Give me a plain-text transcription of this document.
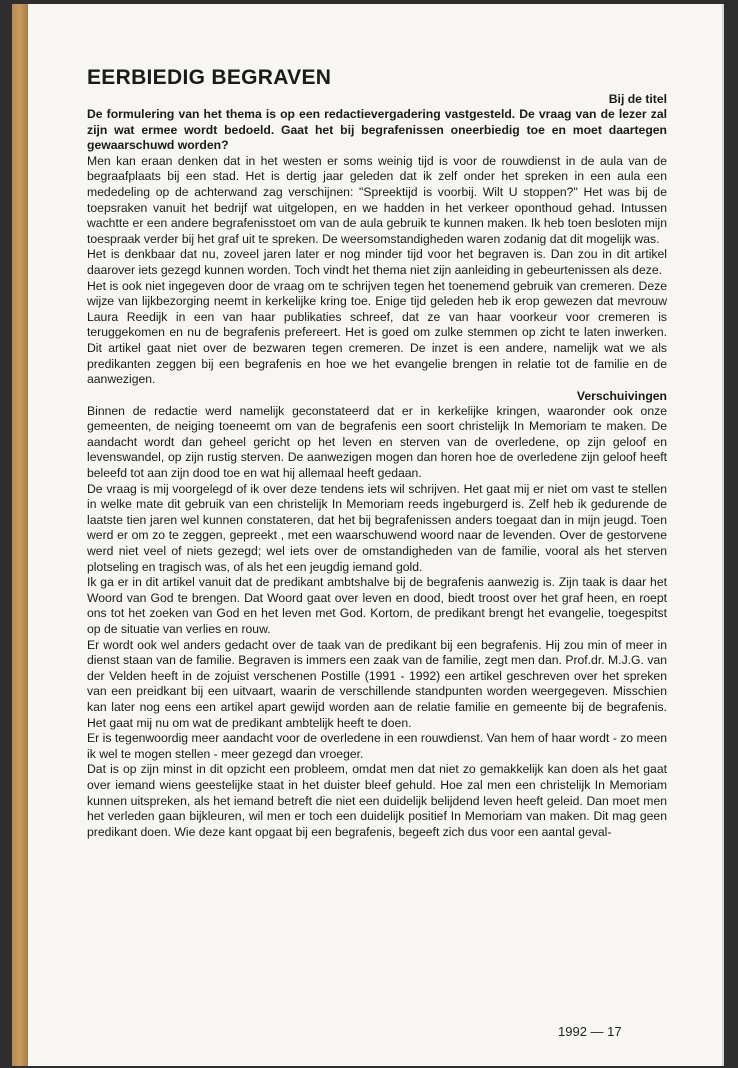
EERBIEDIG BEGRAVEN
Bij de titel

De formulering van het thema is op een redactievergadering vastgesteld. De vraag van de lezer zal zijn wat ermee wordt bedoeld. Gaat het bij begrafenissen oneerbiedig toe en moet daartegen gewaarschuwd worden?

Men kan eraan denken dat in het westen er soms weinig tijd is voor de rouwdienst in de aula van de begraafplaats bij een stad. Het is dertig jaar geleden dat ik zelf onder het spreken in een aula een mededeling op de achterwand zag verschijnen: "Spreektijd is voorbij. Wilt U stoppen?" Het was bij de toepsraken vanuit het bedrijf wat uitgelopen, en we hadden in het verkeer oponthoud gehad. Intussen wachtte er een andere begrafenisstoet om van de aula gebruik te kunnen maken. Ik heb toen besloten mijn toespraak verder bij het graf uit te spreken. De weersomstandigheden waren zodanig dat dit mogelijk was.

Het is denkbaar dat nu, zoveel jaren later er nog minder tijd voor het begraven is. Dan zou in dit artikel daarover iets gezegd kunnen worden. Toch vindt het thema niet zijn aanleiding in gebeurtenissen als deze.

Het is ook niet ingegeven door de vraag om te schrijven tegen het toenemend gebruik van cremeren. Deze wijze van lijkbezorging neemt in kerkelijke kring toe. Enige tijd geleden heb ik erop gewezen dat mevrouw Laura Reedijk in een van haar publikaties schreef, dat ze van haar voorkeur voor cremeren is teruggekomen en nu de begrafenis prefereert. Het is goed om zulke stemmen op zicht te laten inwerken. Dit artikel gaat niet over de bezwaren tegen cremeren. De inzet is een andere, namelijk wat we als predikanten zeggen bij een begrafenis en hoe we het evangelie brengen in relatie tot de familie en de aanwezigen.

Verschuivingen

Binnen de redactie werd namelijk geconstateerd dat er in kerkelijke kringen, waaronder ook onze gemeenten, de neiging toeneemt om van de begrafenis een soort christelijk In Memoriam te maken. De aandacht wordt dan geheel gericht op het leven en sterven van de overledene, op zijn geloof en levenswandel, op zijn rustig sterven. De aanwezigen mogen dan horen hoe de overledene zijn geloof heeft beleefd tot aan zijn dood toe en wat hij allemaal heeft gedaan.

De vraag is mij voorgelegd of ik over deze tendens iets wil schrijven. Het gaat mij er niet om vast te stellen in welke mate dit gebruik van een christelijk In Memoriam reeds ingeburgerd is. Zelf heb ik gedurende de laatste tien jaren wel kunnen constateren, dat het bij begrafenissen anders toegaat dan in mijn jeugd. Toen werd er om zo te zeggen, gepreekt , met een waarschuwend woord naar de levenden. Over de gestorvene werd niet veel of niets gezegd; wel iets over de omstandigheden van de familie, vooral als het sterven plotseling en tragisch was, of als het een jeugdig iemand gold.

Ik ga er in dit artikel vanuit dat de predikant ambtshalve bij de begrafenis aanwezig is. Zijn taak is daar het Woord van God te brengen. Dat Woord gaat over leven en dood, biedt troost over het graf heen, en roept ons tot het zoeken van God en het leven met God. Kortom, de predikant brengt het evangelie, toegespitst op de situatie van verlies en rouw.

Er wordt ook wel anders gedacht over de taak van de predikant bij een begrafenis. Hij zou min of meer in dienst staan van de familie. Begraven is immers een zaak van de familie, zegt men dan. Prof.dr. M.J.G. van der Velden heeft in de zojuist verschenen Postille (1991 - 1992) een artikel geschreven over het spreken van een preidkant bij een uitvaart, waarin de verschillende standpunten worden weergegeven. Misschien kan later nog eens een artikel apart gewijd worden aan de relatie familie en gemeente bij de begrafenis. Het gaat mij nu om wat de predikant ambtelijk heeft te doen.

Er is tegenwoordig meer aandacht voor de overledene in een rouwdienst. Van hem of haar wordt - zo meen ik wel te mogen stellen - meer gezegd dan vroeger.

Dat is op zijn minst in dit opzicht een probleem, omdat men dat niet zo gemakkelijk kan doen als het gaat over iemand wiens geestelijke staat in het duister bleef gehuld. Hoe zal men een christelijk In Memoriam kunnen uitspreken, als het iemand betreft die niet een duidelijk belijdend leven heeft geleid. Dan moet men het verleden gaan bijkleuren, wil men er toch een duidelijk positief In Memoriam van maken. Dit mag geen predikant doen. Wie deze kant opgaat bij een begrafenis, begeeft zich dus voor een aantal geval-

1992 — 17
